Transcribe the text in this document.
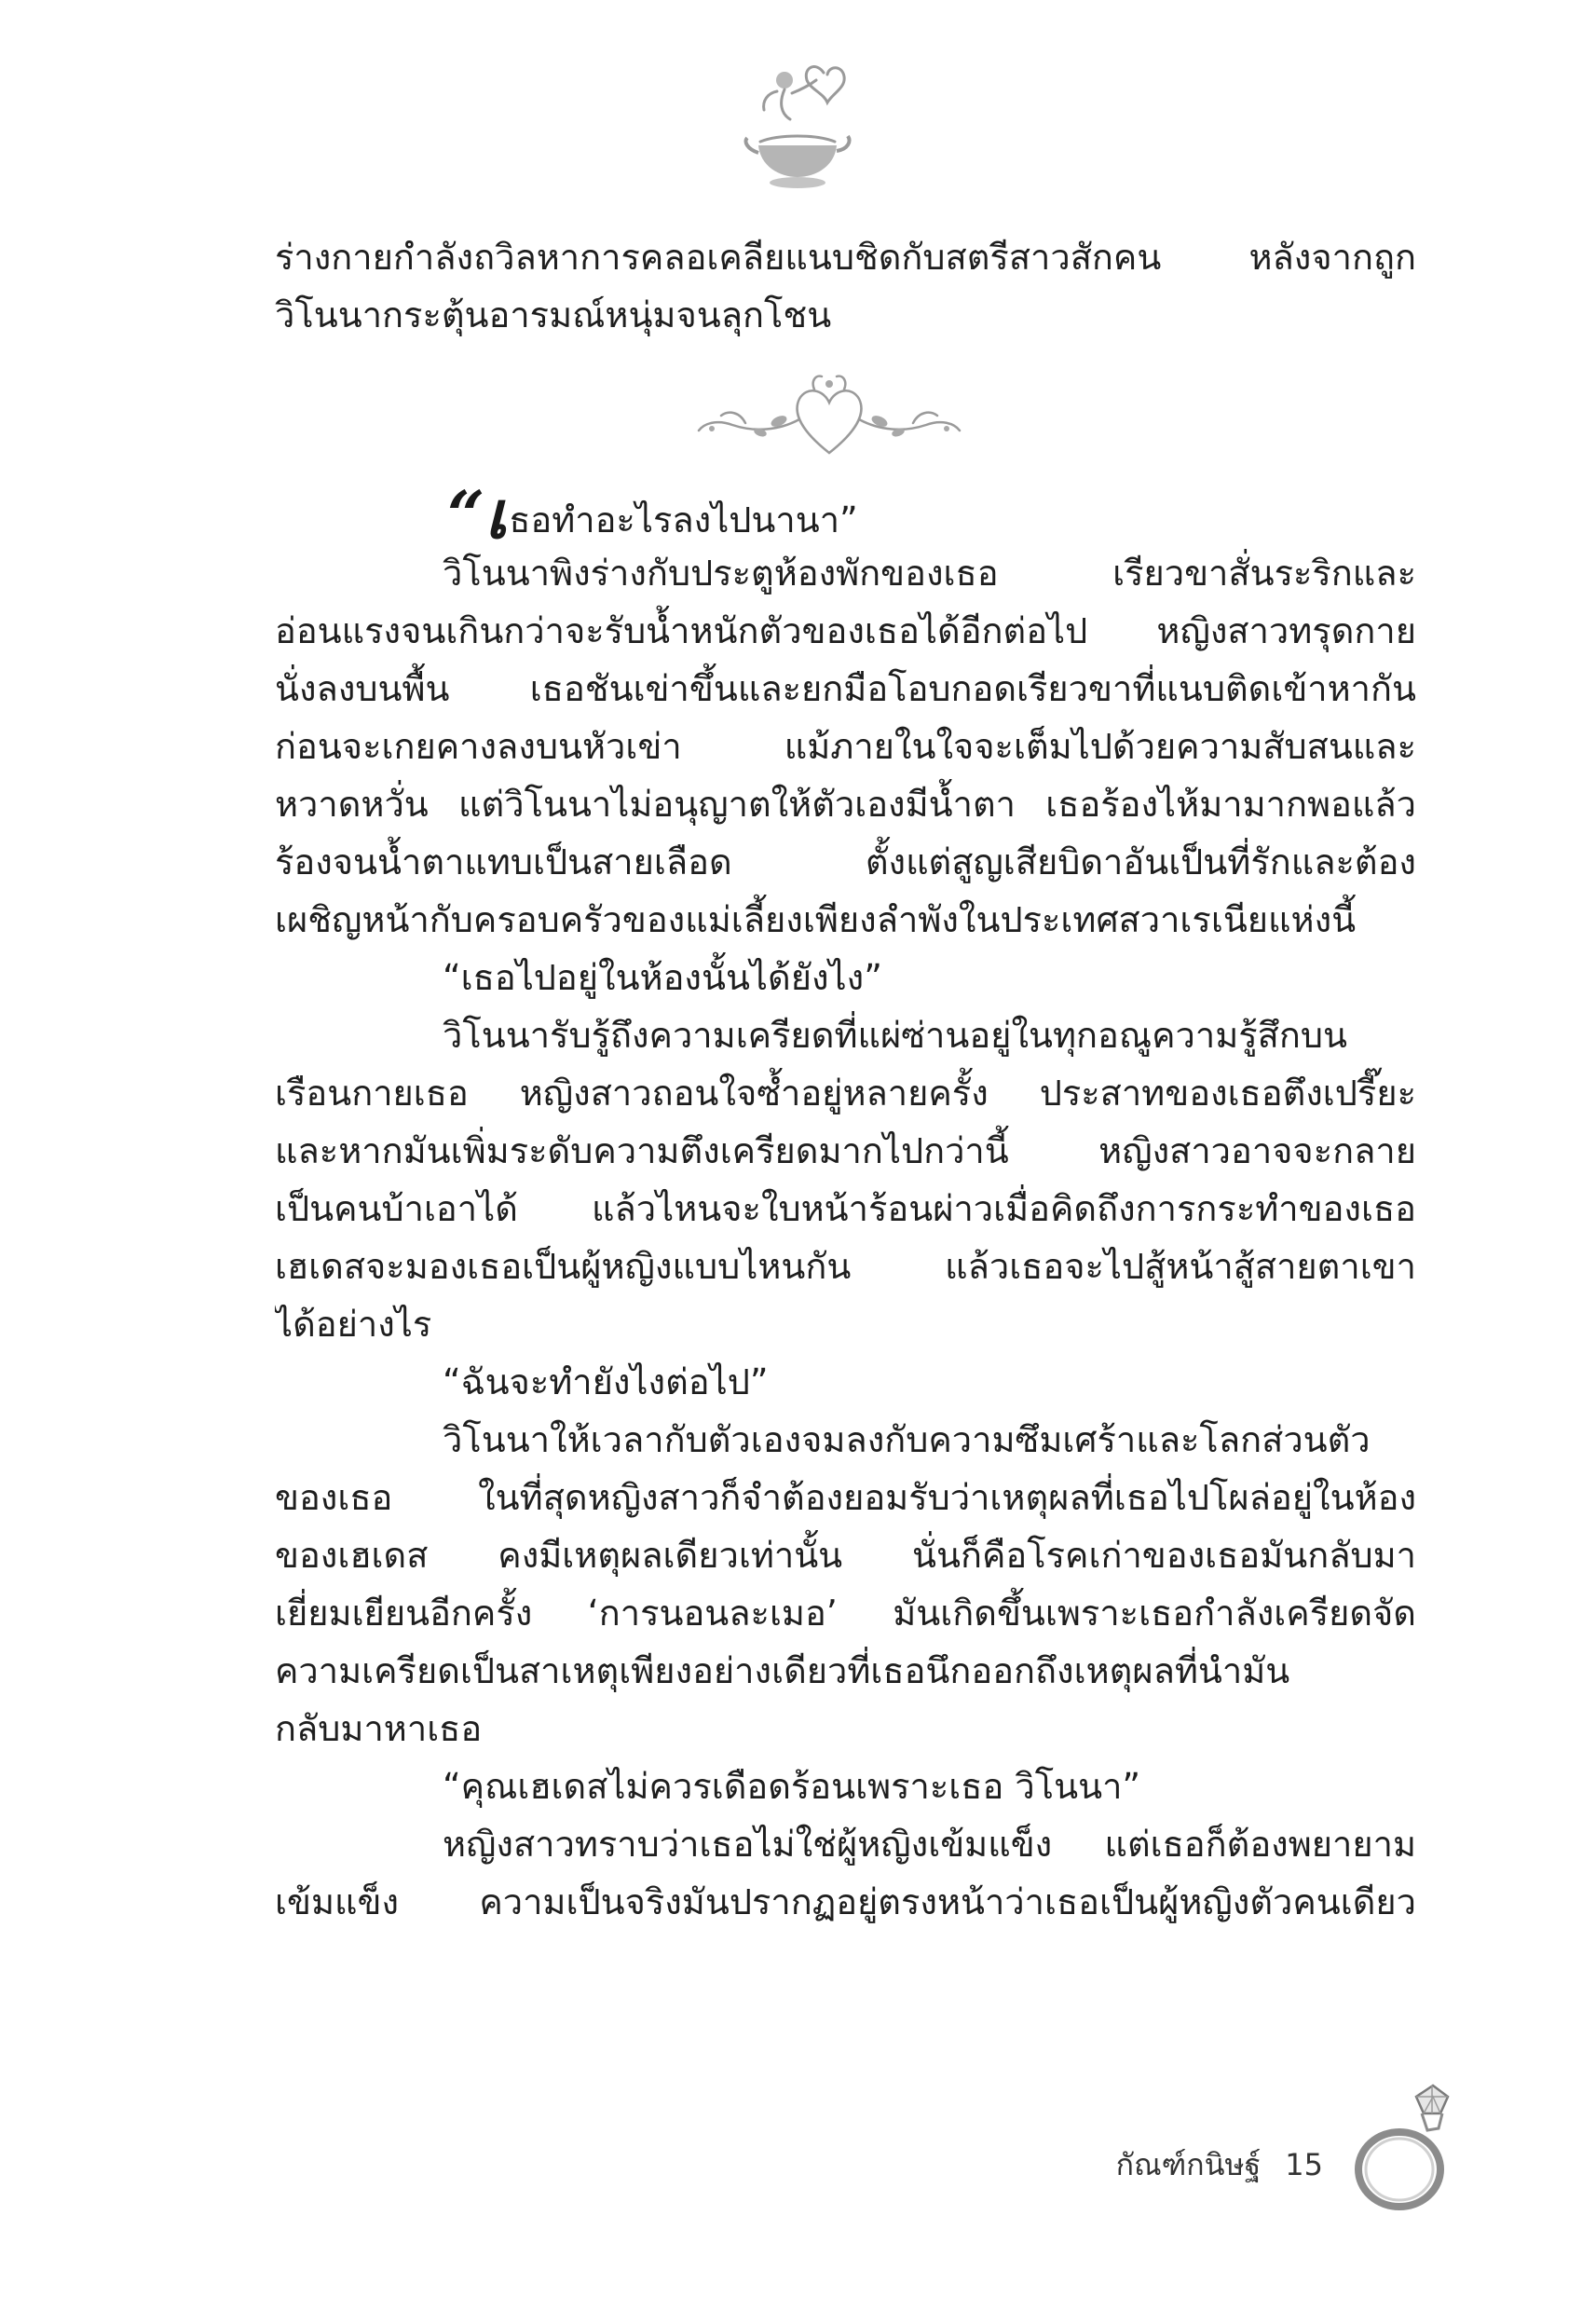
ร่างกายกำลังถวิลหาการคลอเคลียแนบชิดกับสตรีสาวสักคน หลังจากถูก
วิโนนากระตุ้นอารมณ์หนุ่มจนลุกโชน
“เธอทำอะไรลงไปนานา”
วิโนนาพิงร่างกับประตูห้องพักของเธอ เรียวขาสั่นระริกและ
อ่อนแรงจนเกินกว่าจะรับน้ำหนักตัวของเธอได้อีกต่อไป หญิงสาวทรุดกาย
นั่งลงบนพื้น เธอชันเข่าขึ้นและยกมือโอบกอดเรียวขาที่แนบติดเข้าหากัน
ก่อนจะเกยคางลงบนหัวเข่า แม้ภายในใจจะเต็มไปด้วยความสับสนและ
หวาดหวั่น แต่วิโนนาไม่อนุญาตให้ตัวเองมีน้ำตา เธอร้องไห้มามากพอแล้ว
ร้องจนน้ำตาแทบเป็นสายเลือด ตั้งแต่สูญเสียบิดาอันเป็นที่รักและต้อง
เผชิญหน้ากับครอบครัวของแม่เลี้ยงเพียงลำพังในประเทศสวาเรเนียแห่งนี้
“เธอไปอยู่ในห้องนั้นได้ยังไง”
วิโนนารับรู้ถึงความเครียดที่แผ่ซ่านอยู่ในทุกอณูความรู้สึกบน
เรือนกายเธอ หญิงสาวถอนใจซ้ำอยู่หลายครั้ง ประสาทของเธอตึงเปรี๊ยะ
และหากมันเพิ่มระดับความตึงเครียดมากไปกว่านี้ หญิงสาวอาจจะกลาย
เป็นคนบ้าเอาได้ แล้วไหนจะใบหน้าร้อนผ่าวเมื่อคิดถึงการกระทำของเธอ
เฮเดสจะมองเธอเป็นผู้หญิงแบบไหนกัน แล้วเธอจะไปสู้หน้าสู้สายตาเขา
ได้อย่างไร
“ฉันจะทำยังไงต่อไป”
วิโนนาให้เวลากับตัวเองจมลงกับความซึมเศร้าและโลกส่วนตัว
ของเธอ ในที่สุดหญิงสาวก็จำต้องยอมรับว่าเหตุผลที่เธอไปโผล่อยู่ในห้อง
ของเฮเดส คงมีเหตุผลเดียวเท่านั้น นั่นก็คือโรคเก่าของเธอมันกลับมา
เยี่ยมเยียนอีกครั้ง ‘การนอนละเมอ’ มันเกิดขึ้นเพราะเธอกำลังเครียดจัด
ความเครียดเป็นสาเหตุเพียงอย่างเดียวที่เธอนึกออกถึงเหตุผลที่นำมัน
กลับมาหาเธอ
“คุณเฮเดสไม่ควรเดือดร้อนเพราะเธอ วิโนนา”
หญิงสาวทราบว่าเธอไม่ใช่ผู้หญิงเข้มแข็ง แต่เธอก็ต้องพยายาม
เข้มแข็ง ความเป็นจริงมันปรากฏอยู่ตรงหน้าว่าเธอเป็นผู้หญิงตัวคนเดียว
กัณฑ์กนิษฐ์ 15
